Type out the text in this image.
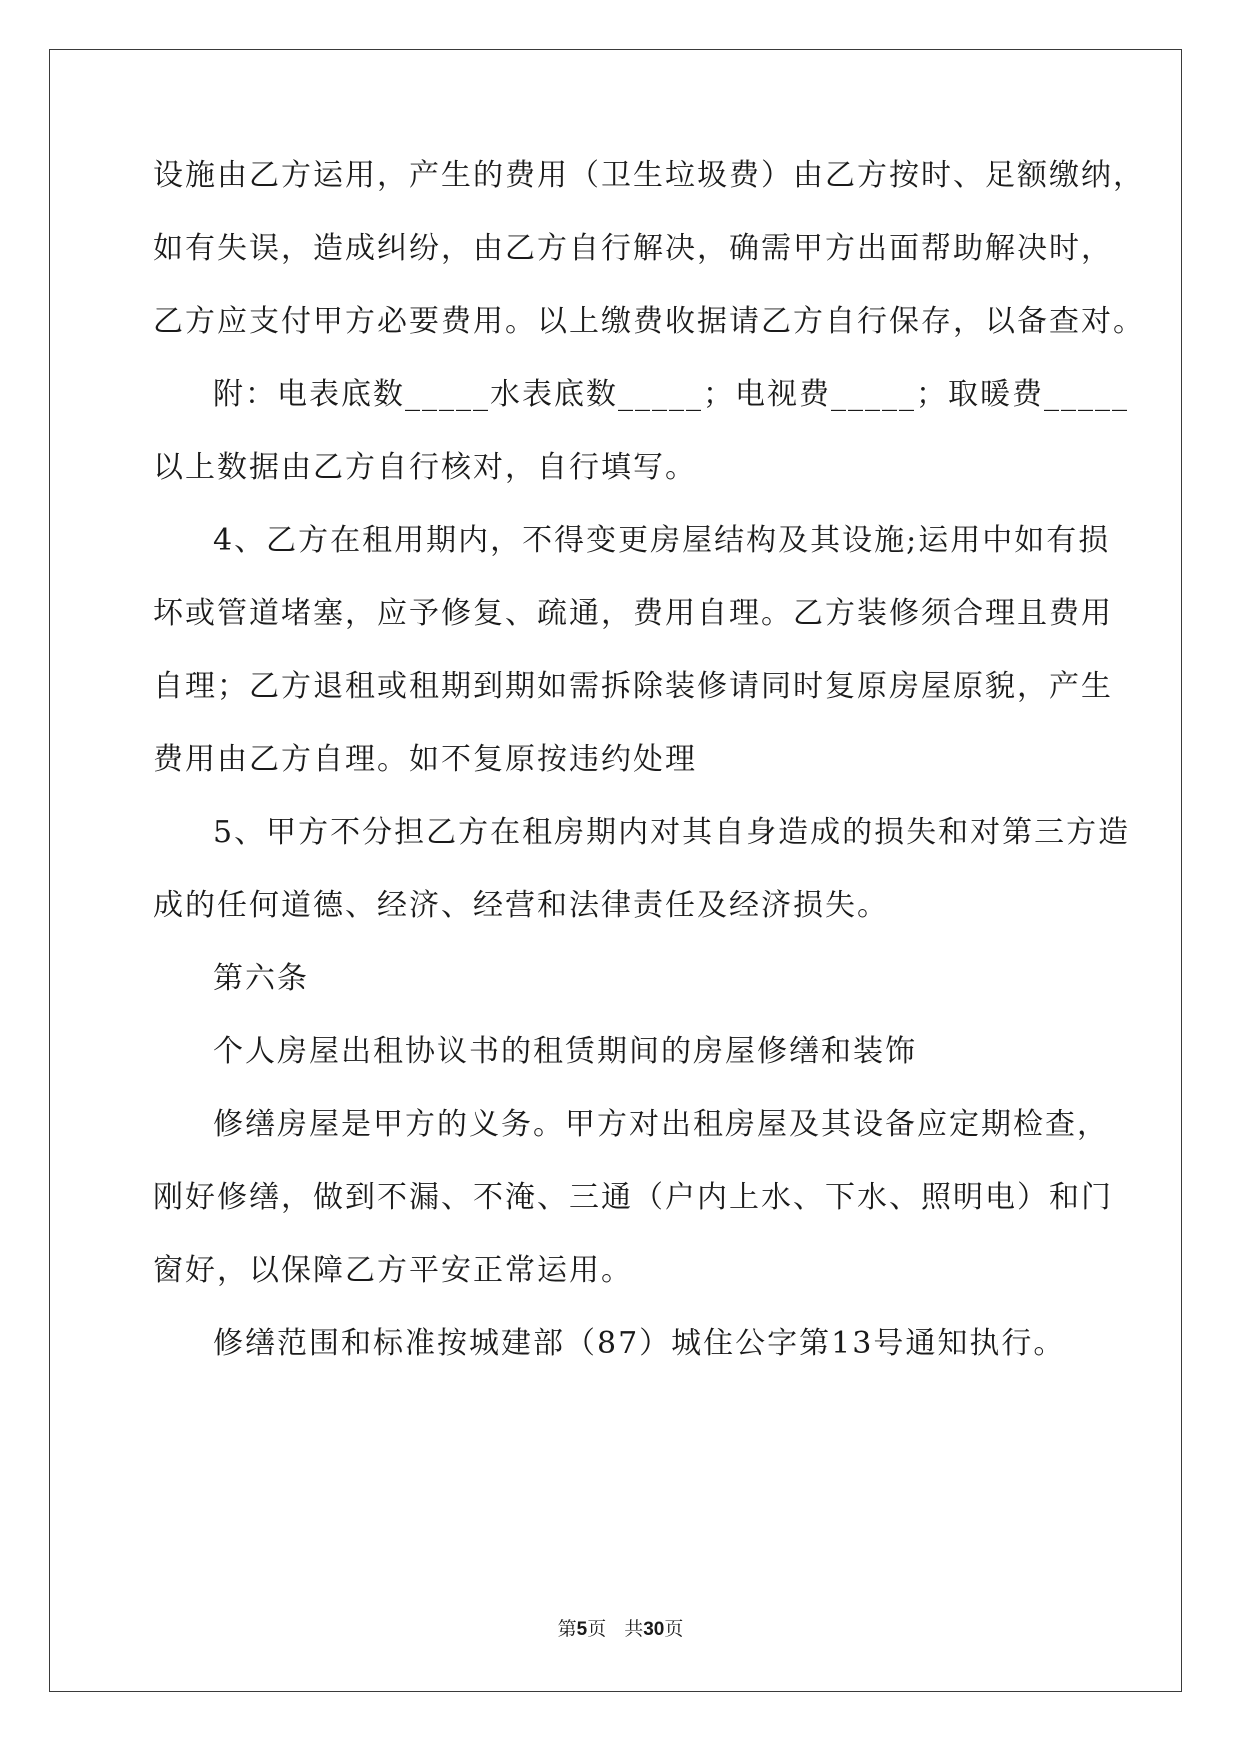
设施由乙方运用，产生的费用（卫生垃圾费）由乙方按时、足额缴纳，
如有失误，造成纠纷，由乙方自行解决，确需甲方出面帮助解决时，
乙方应支付甲方必要费用。以上缴费收据请乙方自行保存，以备查对。
附：电表底数_____水表底数_____；电视费_____；取暖费_____
以上数据由乙方自行核对，自行填写。
4、乙方在租用期内，不得变更房屋结构及其设施;运用中如有损
坏或管道堵塞，应予修复、疏通，费用自理。乙方装修须合理且费用
自理；乙方退租或租期到期如需拆除装修请同时复原房屋原貌，产生
费用由乙方自理。如不复原按违约处理
5、甲方不分担乙方在租房期内对其自身造成的损失和对第三方造
成的任何道德、经济、经营和法律责任及经济损失。
第六条
个人房屋出租协议书的租赁期间的房屋修缮和装饰
修缮房屋是甲方的义务。甲方对出租房屋及其设备应定期检查，
刚好修缮，做到不漏、不淹、三通（户内上水、下水、照明电）和门
窗好，以保障乙方平安正常运用。
修缮范围和标准按城建部（87）城住公字第13号通知执行。
第5页 共30页
